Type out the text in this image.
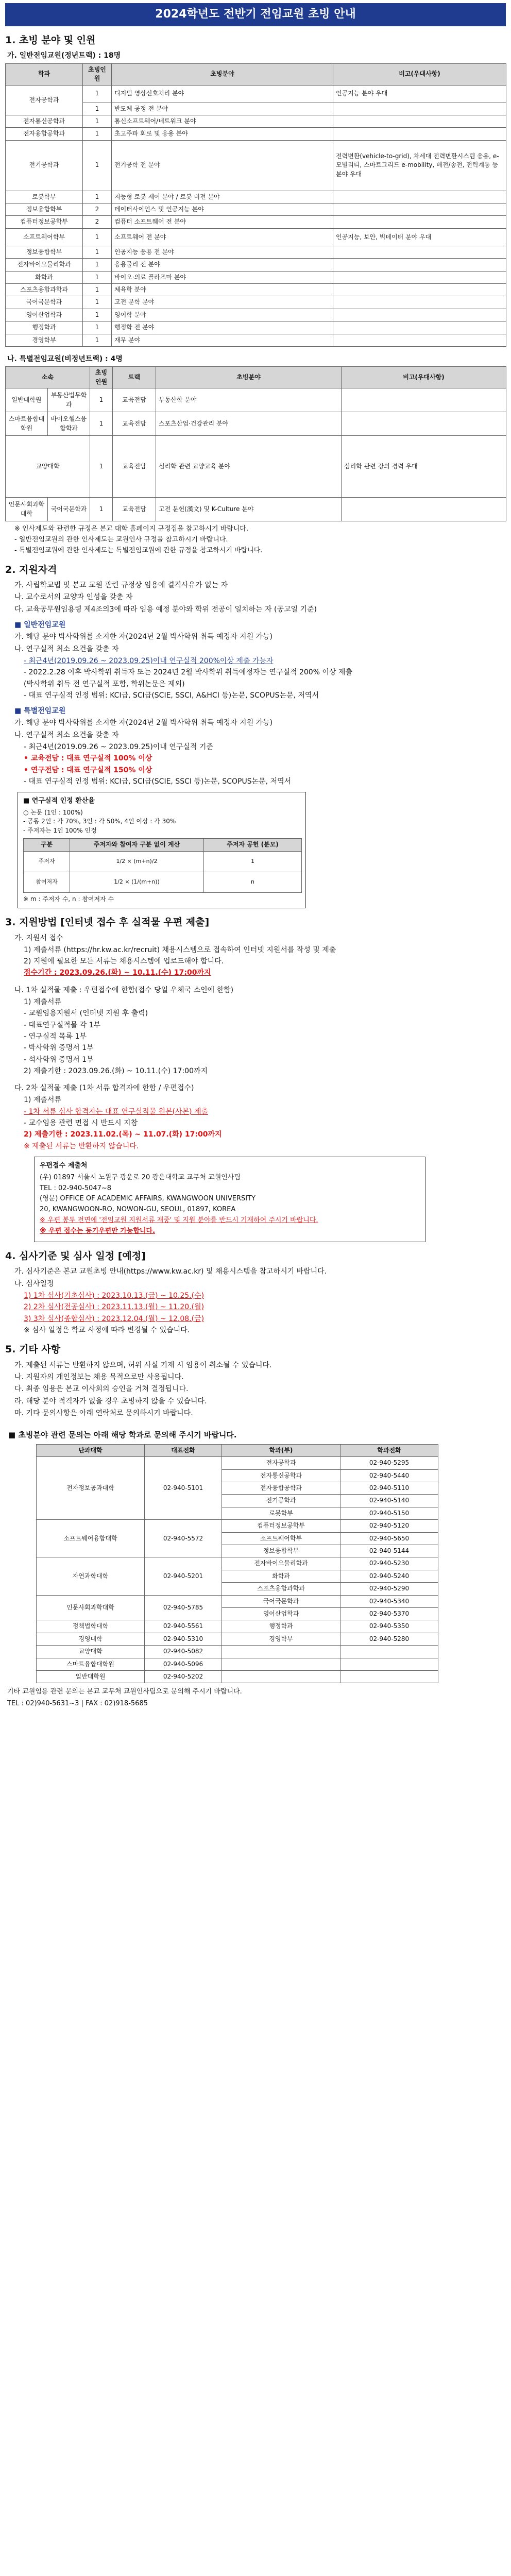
2024학년도 전반기 전임교원 초빙 안내
1. 초빙 분야 및 인원
가. 일반전임교원(정년트랙) : 18명
학과	초빙인원	초빙분야	비고(우대사항)
전자공학과	1	디지털 영상신호처리 분야	인공지능 분야 우대
	1	반도체 공정 전 분야	
전자통신공학과	1	통신소프트웨어/네트워크 분야	
전자융합공학과	1	초고주파 회로 및 응용 분야	
전기공학과	1	전기공학 전 분야	전력변환(vehicle-to-grid), 차세대 전력변환시스템 응용, e-모빌리티, 스마트그리드 e-mobility, 배전/송전, 전력계통 등 분야 우대
로봇학부	1	지능형 로봇 제어 분야 / 로봇 비전 분야	
정보융합학부	2	데이터사이언스 및 인공지능 분야	
컴퓨터정보공학부	2	컴퓨터 소프트웨어 전 분야	
소프트웨어학부	1	소프트웨어 전 분야	인공지능, 보안, 빅데이터 분야 우대
정보융합학부	1	인공지능 응용 전 분야	
전자바이오물리학과	1	응용물리 전 분야	
화학과	1	바이오·의료 플라즈마 분야	
스포츠융합과학과	1	체육학 분야	
국어국문학과	1	고전 문학 분야	
영어산업학과	1	영어학 분야	
행정학과	1	행정학 전 분야	
경영학부	1	재무 분야	
나. 특별전임교원(비정년트랙) : 4명
소속		초빙인원	트랙	초빙분야	비고(우대사항)
일반대학원	부동산법무학과	1	교육전담	부동산학 분야	
스마트융합대학원	바이오헬스융합학과	1	교육전담	스포츠산업·건강관리 분야	
교양대학		1	교육전담	심리학 관련 교양교육 분야	심리학 관련 강의 경력 우대
인문사회과학대학	국어국문학과	1	교육전담	고전 문헌(漢文) 및 K-Culture 분야	

※ 인사제도와 관련한 규정은 본교 대학 홈페이지 규정집을 참고하시기 바랍니다.

- 일반전임교원의 관한 인사제도는 교원인사 규정을 참고하시기 바랍니다.

- 특별전임교원에 관한 인사제도는 특별전임교원에 관한 규정을 참고하시기 바랍니다.

2. 지원자격

가. 사립학교법 및 본교 교원 관련 규정상 임용에 결격사유가 없는 자

나. 교수로서의 교양과 인성을 갖춘 자

다. 교육공무원임용령 제4조의3에 따라 임용 예정 분야와 학위 전공이 일치하는 자 (공고일 기준)

■ 일반전임교원

가. 해당 분야 박사학위를 소지한 자(2024년 2월 박사학위 취득 예정자 지원 가능)

나. 연구실적 최소 요건을 갖춘 자

- 최근4년(2019.09.26 ~ 2023.09.25)이내 연구실적 200%이상 제출 가능자

- 2022.2.28 이후 박사학위 취득자 또는 2024년 2월 박사학위 취득예정자는 연구실적 200% 이상 제출

(박사학위 취득 전 연구실적 포함, 학위논문은 제외)

- 대표 연구실적 인정 범위: KCI급, SCI급(SCIE, SSCI, A&HCI 등)논문, SCOPUS논문, 저역서

■ 특별전임교원

가. 해당 분야 박사학위를 소지한 자(2024년 2월 박사학위 취득 예정자 지원 가능)

나. 연구실적 최소 요건을 갖춘 자

- 최근4년(2019.09.26 ~ 2023.09.25)이내 연구실적 기준

• 교육전담 : 대표 연구실적 100% 이상

• 연구전담 : 대표 연구실적 150% 이상

- 대표 연구실적 인정 범위: KCI급, SCI급(SCIE, SSCI 등)논문, SCOPUS논문, 저역서

■ 연구실적 인정 환산율

○ 논문 (1인 : 100%)

- 공동 2인 : 각 70%, 3인 : 각 50%, 4인 이상 : 각 30%

- 주저자는 1인 100% 인정

구분	주저자와 참여자 구분 없이 계산	주저자 공헌 (분모)
주저자	1/2 × (m+n)/2	1
참여저자	1/2 × (1/(m+n))	n

※ m : 주저자 수, n : 참여저자 수

3. 지원방법 [인터넷 접수 후 실적물 우편 제출]

가. 지원서 접수

1) 제출서류 (https://hr.kw.ac.kr/recruit) 채용시스템으로 접속하여 인터넷 지원서를 작성 및 제출

2) 지원에 필요한 모든 서류는 채용시스템에 업로드해야 합니다.

접수기간 : 2023.09.26.(화) ~ 10.11.(수) 17:00까지

나. 1차 실적물 제출 : 우편접수에 한함(접수 당일 우체국 소인에 한함)

1) 제출서류

- 교원임용지원서 (인터넷 지원 후 출력)

- 대표연구실적물 각 1부

- 연구실적 목록 1부

- 박사학위 증명서 1부

- 석사학위 증명서 1부

2) 제출기한 : 2023.09.26.(화) ~ 10.11.(수) 17:00까지

다. 2차 실적물 제출 (1차 서류 합격자에 한함 / 우편접수)

1) 제출서류

- 1차 서류 심사 합격자는 대표 연구실적물 원본(사본) 제출

- 교수임용 관련 면접 시 반드시 지참

2) 제출기한 : 2023.11.02.(목) ~ 11.07.(화) 17:00까지

※ 제출된 서류는 반환하지 않습니다.

우편접수 제출처

(우) 01897 서울시 노원구 광운로 20 광운대학교 교무처 교원인사팀

TEL : 02-940-5047~8

(영문) OFFICE OF ACADEMIC AFFAIRS, KWANGWOON UNIVERSITY

20, KWANGWOON-RO, NOWON-GU, SEOUL, 01897, KOREA

※ 우편 봉투 전면에 '전임교원 지원서류 재중' 및 지원 분야를 반드시 기재하여 주시기 바랍니다.

※ 우편 접수는 등기우편만 가능합니다.

4. 심사기준 및 심사 일정 [예정]

가. 심사기준은 본교 교원초빙 안내(https://www.kw.ac.kr) 및 채용시스템을 참고하시기 바랍니다.

나. 심사일정

1) 1차 심사(기초심사) : 2023.10.13.(금) ~ 10.25.(수)

2) 2차 심사(전공심사) : 2023.11.13.(월) ~ 11.20.(월)

3) 3차 심사(종합심사) : 2023.12.04.(월) ~ 12.08.(금)

※ 심사 일정은 학교 사정에 따라 변경될 수 있습니다.

5. 기타 사항

가. 제출된 서류는 반환하지 않으며, 허위 사실 기재 시 임용이 취소될 수 있습니다.

나. 지원자의 개인정보는 채용 목적으로만 사용됩니다.

다. 최종 임용은 본교 이사회의 승인을 거쳐 결정됩니다.

라. 해당 분야 적격자가 없을 경우 초빙하지 않을 수 있습니다.

마. 기타 문의사항은 아래 연락처로 문의하시기 바랍니다.

■ 초빙분야 관련 문의는 아래 해당 학과로 문의해 주시기 바랍니다.
단과대학	대표전화	학과(부)	학과전화
전자정보공과대학	02-940-5101	전자공학과	02-940-5295
		전자통신공학과	02-940-5440
		전자융합공학과	02-940-5110
		전기공학과	02-940-5140
		로봇학부	02-940-5150
소프트웨어융합대학	02-940-5572	컴퓨터정보공학부	02-940-5120
		소프트웨어학부	02-940-5650
		정보융합학부	02-940-5144
자연과학대학	02-940-5201	전자바이오물리학과	02-940-5230
		화학과	02-940-5240
		스포츠융합과학과	02-940-5290
인문사회과학대학	02-940-5785	국어국문학과	02-940-5340
		영어산업학과	02-940-5370
정책법학대학	02-940-5561	행정학과	02-940-5350
경영대학	02-940-5310	경영학부	02-940-5280
교양대학	02-940-5082		
스마트융합대학원	02-940-5096		
일반대학원	02-940-5202		

기타 교원임용 관련 문의는 본교 교무처 교원인사팀으로 문의해 주시기 바랍니다.

TEL : 02)940-5631~3 | FAX : 02)918-5685
